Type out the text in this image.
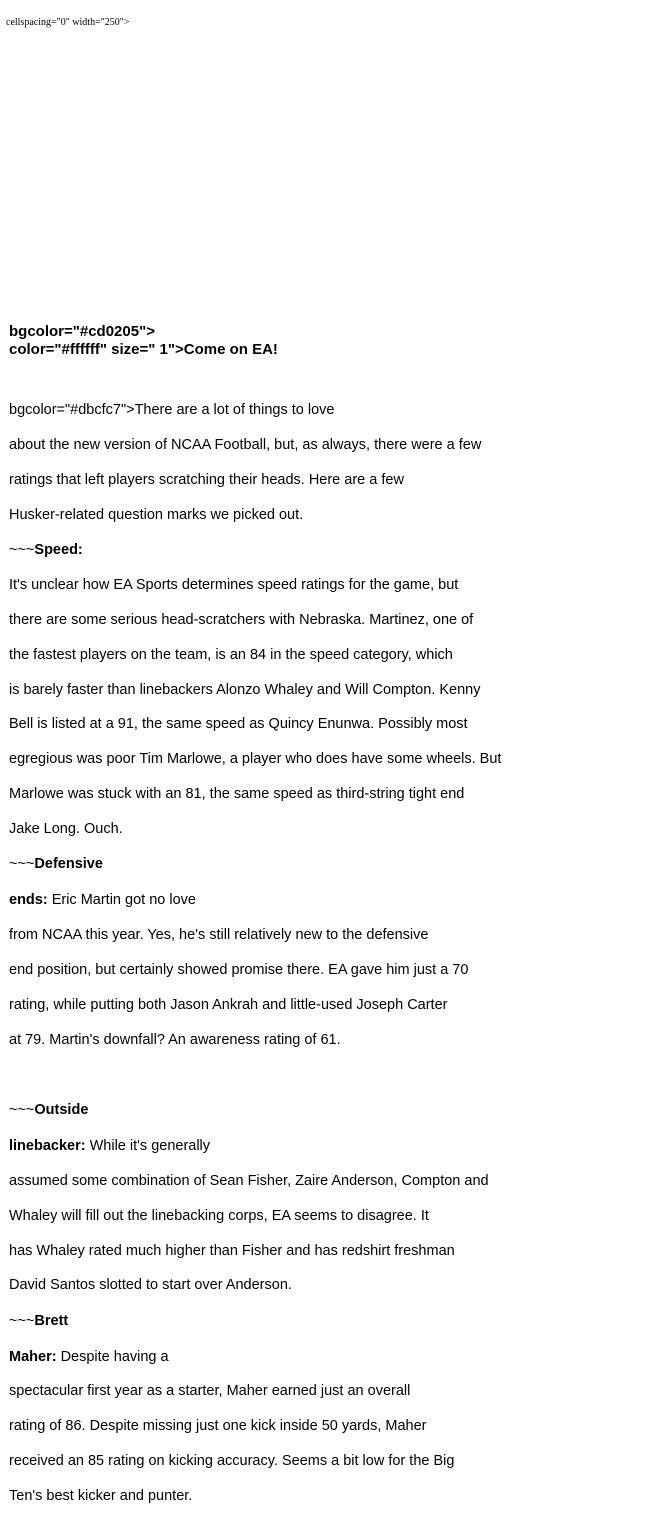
cellspacing="0" width="250">
bgcolor="#cd0205">
color="#ffffff" size=" 1">Come on EA!
bgcolor="#dbcfc7">There are a lot of things to love
about the new version of NCAA Football, but, as always, there were a few
ratings that left players scratching their heads. Here are a few
Husker-related question marks we picked out.
~~~Speed:
It's unclear how EA Sports determines speed ratings for the game, but
there are some serious head-scratchers with Nebraska. Martinez, one of
the fastest players on the team, is an 84 in the speed category, which
is barely faster than linebackers Alonzo Whaley and Will Compton. Kenny
Bell is listed at a 91, the same speed as Quincy Enunwa. Possibly most
egregious was poor Tim Marlowe, a player who does have some wheels. But
Marlowe was stuck with an 81, the same speed as third-string tight end
Jake Long. Ouch.
~~~Defensive
ends: Eric Martin got no love
from NCAA this year. Yes, he's still relatively new to the defensive
end position, but certainly showed promise there. EA gave him just a 70
rating, while putting both Jason Ankrah and little-used Joseph Carter
at 79. Martin's downfall? An awareness rating of 61.
~~~Outside
linebacker: While it's generally
assumed some combination of Sean Fisher, Zaire Anderson, Compton and
Whaley will fill out the linebacking corps, EA seems to disagree. It
has Whaley rated much higher than Fisher and has redshirt freshman
David Santos slotted to start over Anderson.
~~~Brett
Maher: Despite having a
spectacular first year as a starter, Maher earned just an overall
rating of 86. Despite missing just one kick inside 50 yards, Maher
received an 85 rating on kicking accuracy. Seems a bit low for the Big
Ten's best kicker and punter.
